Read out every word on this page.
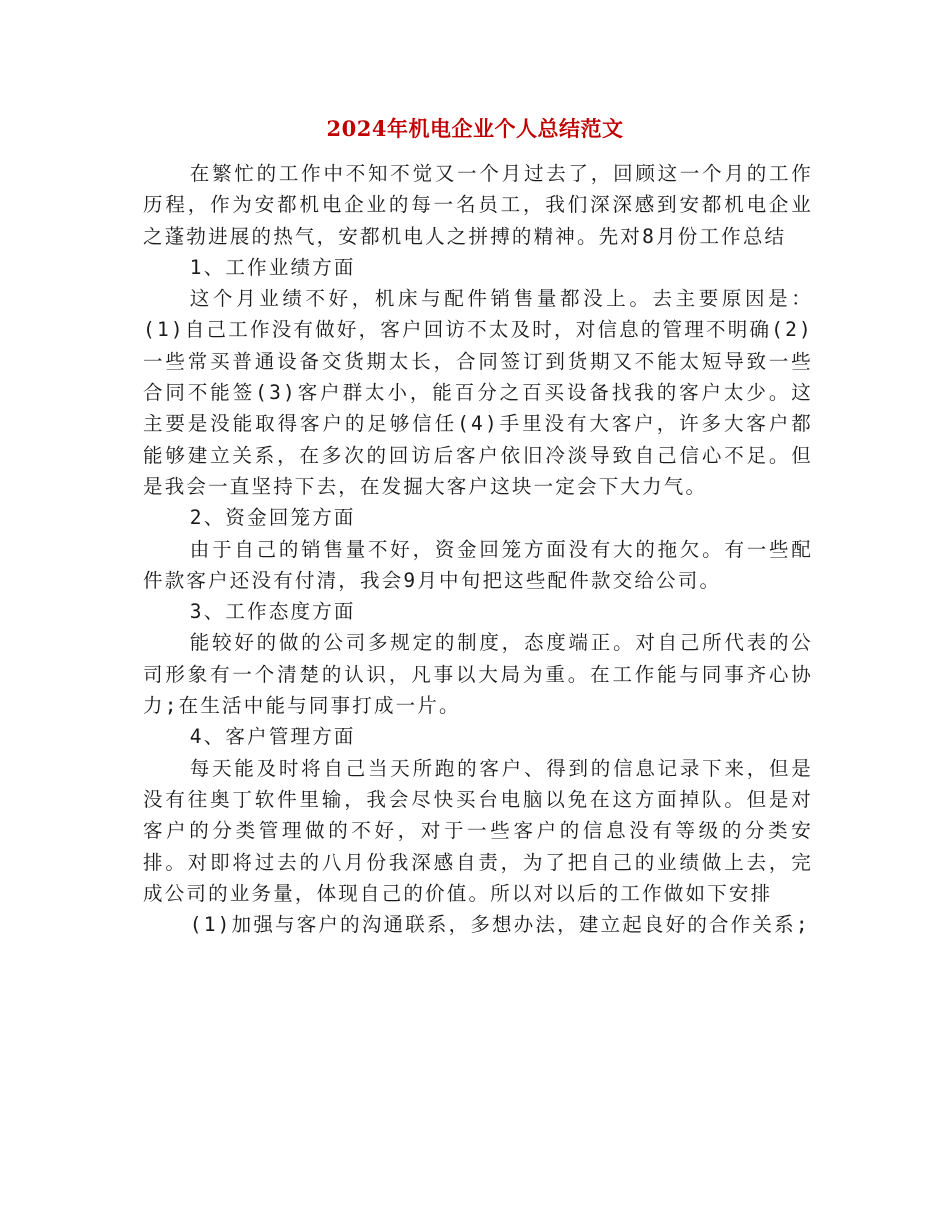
2024年机电企业个人总结范文

在繁忙的工作中不知不觉又一个月过去了，回顾这一个月的工作历程，作为安都机电企业的每一名员工，我们深深感到安都机电企业之蓬勃进展的热气，安都机电人之拼搏的精神。先对8月份工作总结

1、工作业绩方面

这个月业绩不好，机床与配件销售量都没上。去主要原因是：(1)自己工作没有做好，客户回访不太及时，对信息的管理不明确(2)一些常买普通设备交货期太长，合同签订到货期又不能太短导致一些合同不能签(3)客户群太小，能百分之百买设备找我的客户太少。这主要是没能取得客户的足够信任(4)手里没有大客户，许多大客户都能够建立关系，在多次的回访后客户依旧冷淡导致自己信心不足。但是我会一直坚持下去，在发掘大客户这块一定会下大力气。

2、资金回笼方面

由于自己的销售量不好，资金回笼方面没有大的拖欠。有一些配件款客户还没有付清，我会9月中旬把这些配件款交给公司。

3、工作态度方面

能较好的做的公司多规定的制度，态度端正。对自己所代表的公司形象有一个清楚的认识，凡事以大局为重。在工作能与同事齐心协力;在生活中能与同事打成一片。

4、客户管理方面

每天能及时将自己当天所跑的客户、得到的信息记录下来，但是没有往奥丁软件里输，我会尽快买台电脑以免在这方面掉队。但是对客户的分类管理做的不好，对于一些客户的信息没有等级的分类安排。对即将过去的八月份我深感自责，为了把自己的业绩做上去，完成公司的业务量，体现自己的价值。所以对以后的工作做如下安排

(1)加强与客户的沟通联系，多想办法，建立起良好的合作关系;
